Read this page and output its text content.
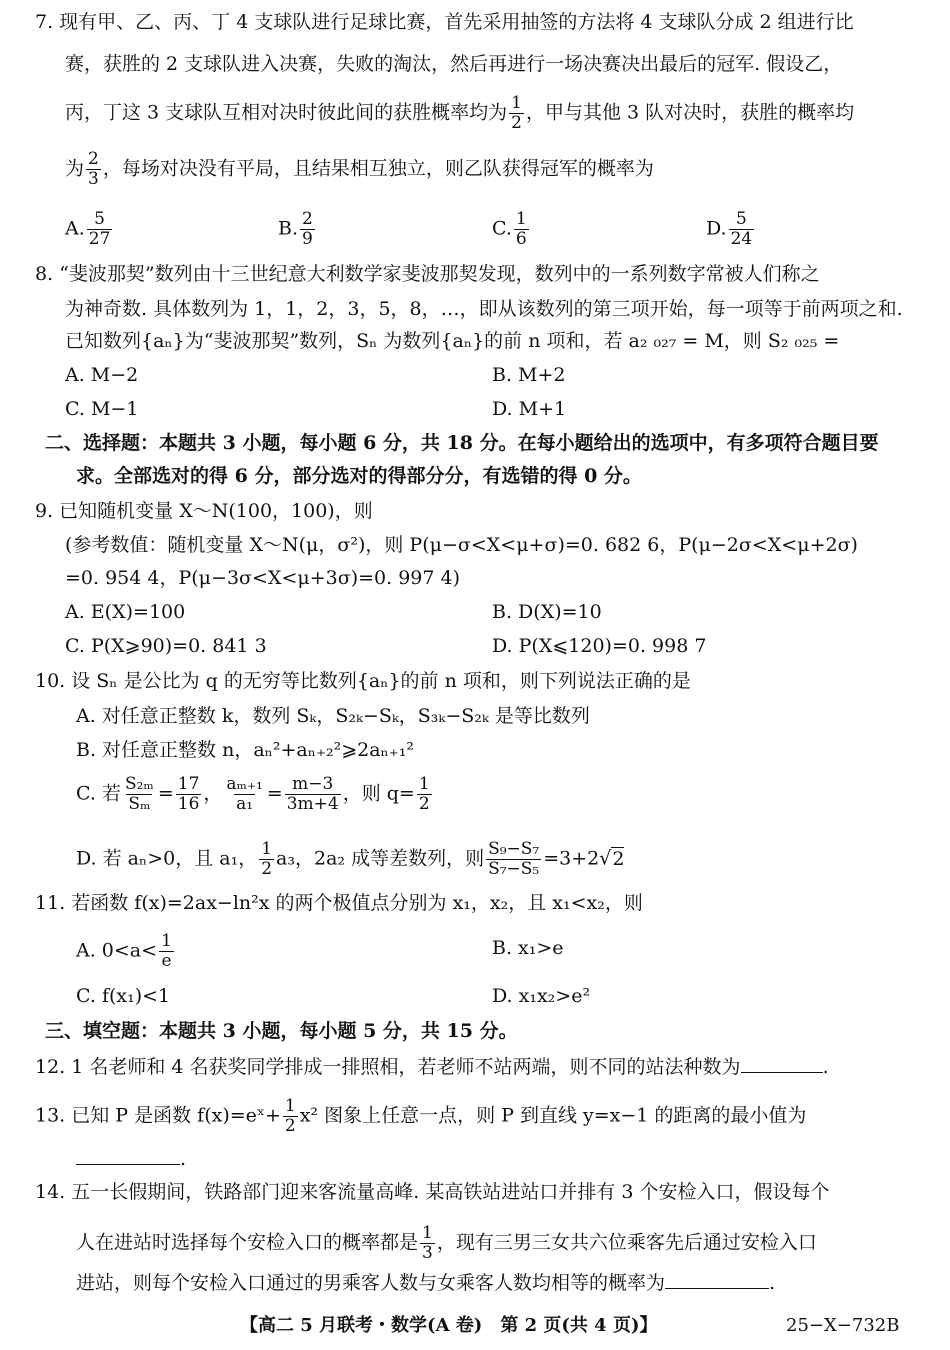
7. 现有甲、乙、丙、丁 4 支球队进行足球比赛，首先采用抽签的方法将 4 支球队分成 2 组进行比
赛，获胜的 2 支球队进入决赛，失败的淘汰，然后再进行一场决赛决出最后的冠军. 假设乙，
丙，丁这 3 支球队互相对决时彼此间的获胜概率均为 $\frac{1}{2}$ ，甲与其他 3 队对决时，获胜的概率均
为 $\frac{2}{3}$ ，每场对决没有平局，且结果相互独立，则乙队获得冠军的概率为
A. $\frac{5}{27}$	B. $\frac{2}{9}$	C. $\frac{1}{6}$	D. $\frac{5}{24}$
8. “斐波那契”数列由十三世纪意大利数学家斐波那契发现，数列中的一系列数字常被人们称之
为神奇数. 具体数列为 1，1，2，3，5，8，…，即从该数列的第三项开始，每一项等于前两项之和.
已知数列{aₙ}为“斐波那契”数列，Sₙ 为数列{aₙ}的前 n 项和，若 a₂ ₀₂₇ = M，则 S₂ ₀₂₅ =
A. M−2	B. M+2
C. M−1	D. M+1
二、选择题：本题共 3 小题，每小题 6 分，共 18 分。在每小题给出的选项中，有多项符合题目要
求。全部选对的得 6 分，部分选对的得部分分，有选错的得 0 分。
9. 已知随机变量 X～N(100，100)，则
(参考数值：随机变量 X～N(μ，σ²)，则 P(μ−σ<X<μ+σ)=0. 682 6，P(μ−2σ<X<μ+2σ)
=0. 954 4，P(μ−3σ<X<μ+3σ)=0. 997 4)
A. E(X)=100	B. D(X)=10
C. P(X⩾90)=0. 841 3	D. P(X⩽120)=0. 998 7
10. 设 Sₙ 是公比为 q 的无穷等比数列{aₙ}的前 n 项和，则下列说法正确的是
A. 对任意正整数 k，数列 Sₖ，S₂ₖ−Sₖ，S₃ₖ−S₂ₖ 是等比数列
B. 对任意正整数 n，aₙ²+aₙ₊₂²⩾2aₙ₊₁²
C. 若 $\frac{\text{S₂ₘ}}{\text{Sₘ}} = \frac{17}{16}$ ， $\frac{\text{aₘ₊₁}}{\text{a₁}} = \frac{m-3}{3m+4}$ ，则 $q= \frac{1}{2}$
D. 若 aₙ>0，且 a₁， $\frac{1}{2} a_3$，2a₂ 成等差数列，则 $\frac{\text{S₉−S₇}}{\text{S₇−S₅}} =3+2√2$
11. 若函数 f(x)=2ax−ln²x 的两个极值点分别为 x₁，x₂，且 x₁<x₂，则
A. $0<a< \frac{1}{e}$	B. x₁>e
C. f(x₁)<1	D. x₁x₂>e²
三、填空题：本题共 3 小题，每小题 5 分，共 15 分。
12. 1 名老师和 4 名获奖同学排成一排照相，若老师不站两端，则不同的站法种数为	.
13. 已知 P 是函数 f(x)=eˣ+ $\frac{1}{2} x^2$ 图象上任意一点，则 P 到直线 y=x−1 的距离的最小值为
.
14. 五一长假期间，铁路部门迎来客流量高峰. 某高铁站进站口并排有 3 个安检入口，假设每个
人在进站时选择每个安检入口的概率都是 $\frac{1}{3}$ ，现有三男三女共六位乘客先后通过安检入口
进站，则每个安检入口通过的男乘客人数与女乘客人数均相等的概率为	.
【高二 5 月联考・数学(A 卷)　第 2 页(共 4 页)】	25−X−732B
